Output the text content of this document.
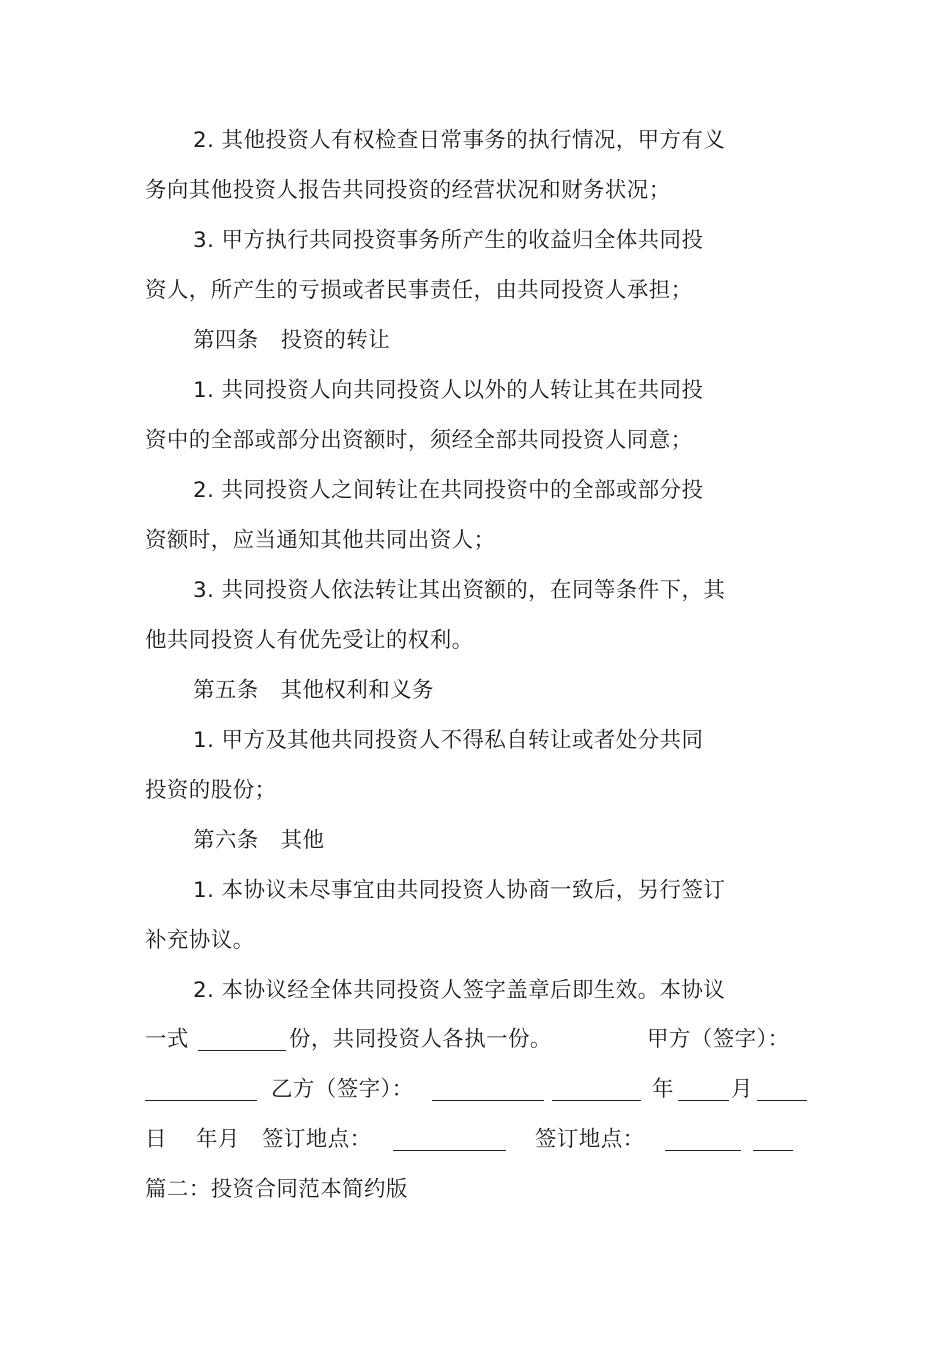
2. 其他投资人有权检查日常事务的执行情况，甲方有义
务向其他投资人报告共同投资的经营状况和财务状况；
3. 甲方执行共同投资事务所产生的收益归全体共同投
资人，所产生的亏损或者民事责任，由共同投资人承担；
第四条　投资的转让
1. 共同投资人向共同投资人以外的人转让其在共同投
资中的全部或部分出资额时，须经全部共同投资人同意；
2. 共同投资人之间转让在共同投资中的全部或部分投
资额时，应当通知其他共同出资人；
3. 共同投资人依法转让其出资额的，在同等条件下，其
他共同投资人有优先受让的权利。
第五条　其他权利和义务
1. 甲方及其他共同投资人不得私自转让或者处分共同
投资的股份；
第六条　其他
1. 本协议未尽事宜由共同投资人协商一致后，另行签订
补充协议。
2. 本协议经全体共同投资人签字盖章后即生效。本协议
一式	份，共同投资人各执一份。	甲方（签字）：
乙方（签字）：	年	月
日 年月 签订地点：	签订地点：
篇二：投资合同范本简约版
